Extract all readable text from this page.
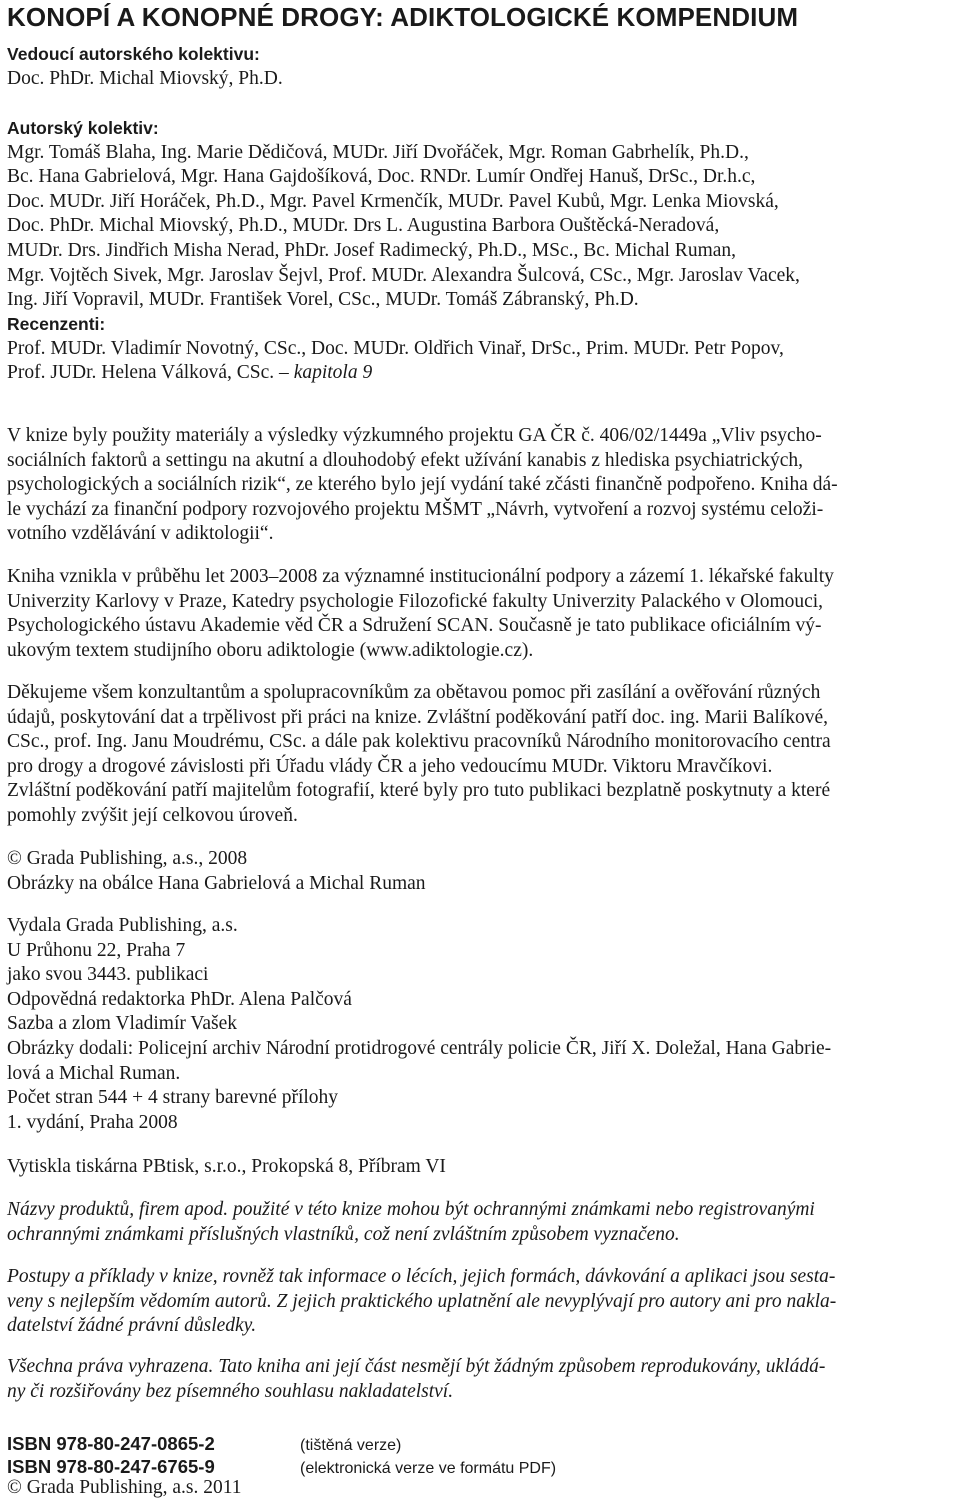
KONOPÍ A KONOPNÉ DROGY: ADIKTOLOGICKÉ KOMPENDIUM
Vedoucí autorského kolektivu:
Doc. PhDr. Michal Miovský, Ph.D.
Autorský kolektiv:
Mgr. Tomáš Blaha, Ing. Marie Dědičová, MUDr. Jiří Dvořáček, Mgr. Roman Gabrhelík, Ph.D.,
Bc. Hana Gabrielová, Mgr. Hana Gajdošíková, Doc. RNDr. Lumír Ondřej Hanuš, DrSc., Dr.h.c,
Doc. MUDr. Jiří Horáček, Ph.D., Mgr. Pavel Krmenčík, MUDr. Pavel Kubů, Mgr. Lenka Miovská,
Doc. PhDr. Michal Miovský, Ph.D., MUDr. Drs L. Augustina Barbora Ouštěcká-Neradová,
MUDr. Drs. Jindřich Misha Nerad, PhDr. Josef Radimecký, Ph.D., MSc., Bc. Michal Ruman,
Mgr. Vojtěch Sivek, Mgr. Jaroslav Šejvl, Prof. MUDr. Alexandra Šulcová, CSc., Mgr. Jaroslav Vacek,
Ing. Jiří Vopravil, MUDr. František Vorel, CSc., MUDr. Tomáš Zábranský, Ph.D.
Recenzenti:
Prof. MUDr. Vladimír Novotný, CSc., Doc. MUDr. Oldřich Vinař, DrSc., Prim. MUDr. Petr Popov,
Prof. JUDr. Helena Válková, CSc. – kapitola 9
V knize byly použity materiály a výsledky výzkumného projektu GA ČR č. 406/02/1449a „Vliv psycho-
sociálních faktorů a settingu na akutní a dlouhodobý efekt užívání kanabis z hlediska psychiatrických,
psychologických a sociálních rizik“, ze kterého bylo její vydání také zčásti finančně podpořeno. Kniha dá-
le vychází za finanční podpory rozvojového projektu MŠMT „Návrh, vytvoření a rozvoj systému celoži-
votního vzdělávání v adiktologii“.
Kniha vznikla v průběhu let 2003–2008 za významné institucionální podpory a zázemí 1. lékařské fakulty
Univerzity Karlovy v Praze, Katedry psychologie Filozofické fakulty Univerzity Palackého v Olomouci,
Psychologického ústavu Akademie věd ČR a Sdružení SCAN. Současně je tato publikace oficiálním vý-
ukovým textem studijního oboru adiktologie (www.adiktologie.cz).
Děkujeme všem konzultantům a spolupracovníkům za obětavou pomoc při zasílání a ověřování různých
údajů, poskytování dat a trpělivost při práci na knize. Zvláštní poděkování patří doc. ing. Marii Balíkové,
CSc., prof. Ing. Janu Moudrému, CSc. a dále pak kolektivu pracovníků Národního monitorovacího centra
pro drogy a drogové závislosti při Úřadu vlády ČR a jeho vedoucímu MUDr. Viktoru Mravčíkovi.
Zvláštní poděkování patří majitelům fotografií, které byly pro tuto publikaci bezplatně poskytnuty a které
pomohly zvýšit její celkovou úroveň.
© Grada Publishing, a.s., 2008
Obrázky na obálce Hana Gabrielová a Michal Ruman
Vydala Grada Publishing, a.s.
U Průhonu 22, Praha 7
jako svou 3443. publikaci
Odpovědná redaktorka PhDr. Alena Palčová
Sazba a zlom Vladimír Vašek
Obrázky dodali: Policejní archiv Národní protidrogové centrály policie ČR, Jiří X. Doležal, Hana Gabrie-
lová a Michal Ruman.
Počet stran 544 + 4 strany barevné přílohy
1. vydání, Praha 2008
Vytiskla tiskárna PBtisk, s.r.o., Prokopská 8, Příbram VI
Názvy produktů, firem apod. použité v této knize mohou být ochrannými známkami nebo registrovanými
ochrannými známkami příslušných vlastníků, což není zvláštním způsobem vyznačeno.
Postupy a příklady v knize, rovněž tak informace o lécích, jejich formách, dávkování a aplikaci jsou sesta-
veny s nejlepším vědomím autorů. Z jejich praktického uplatnění ale nevyplývají pro autory ani pro nakla-
datelství žádné právní důsledky.
Všechna práva vyhrazena. Tato kniha ani její část nesmějí být žádným způsobem reprodukovány, ukládá-
ny či rozšiřovány bez písemného souhlasu nakladatelství.
ISBN 978-80-247-0865-2	(tištěná verze)
ISBN 978-80-247-6765-9	(elektronická verze ve formátu PDF)
© Grada Publishing, a.s. 2011
